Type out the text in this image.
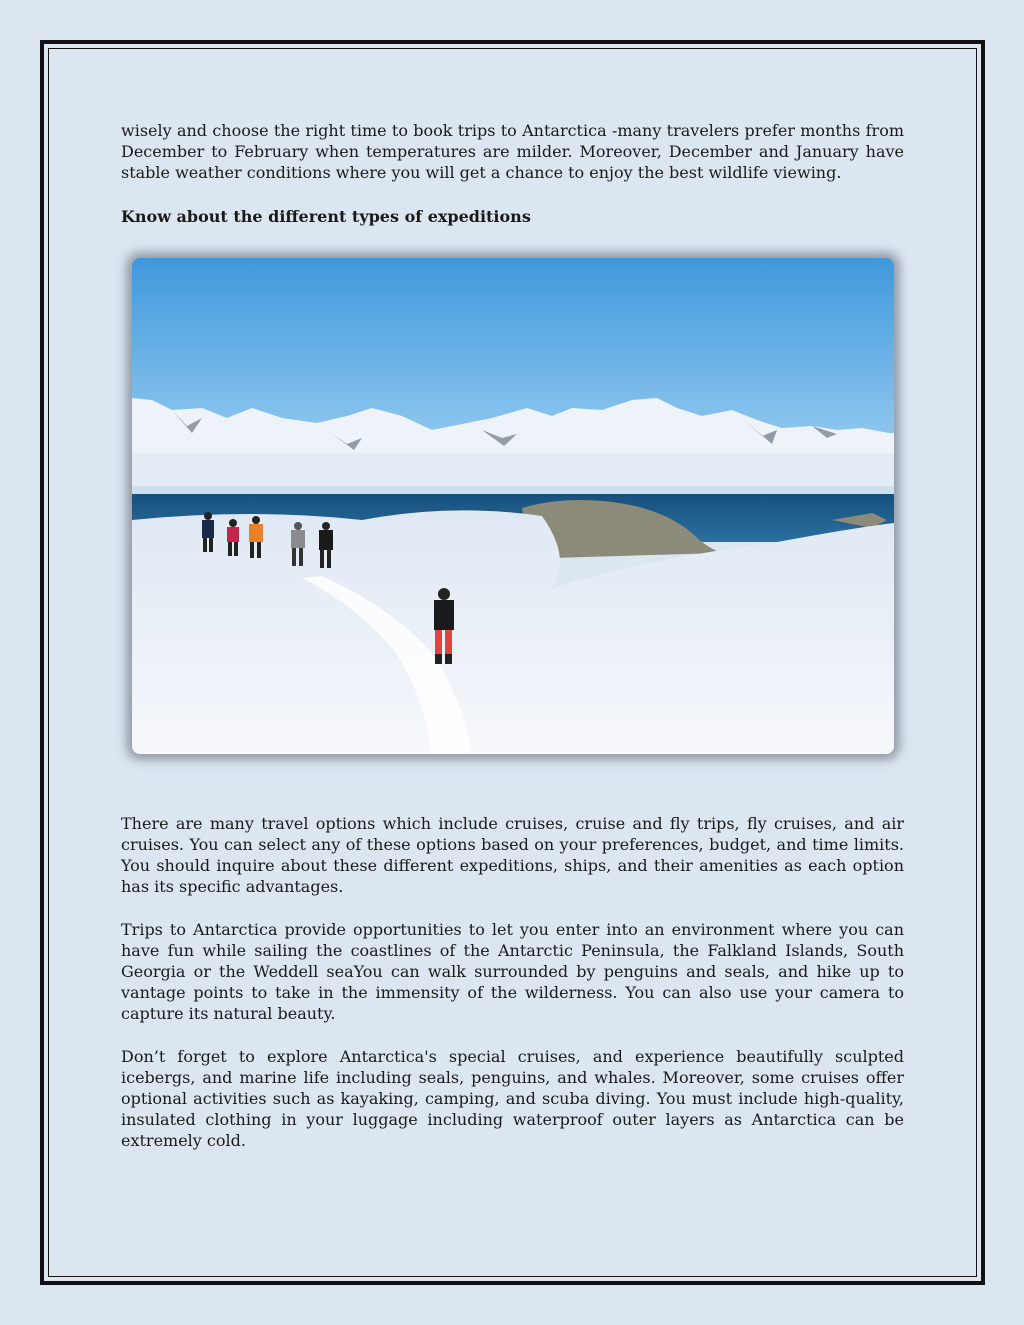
wisely and choose the right time to book trips to Antarctica -many travelers prefer months from December to February when temperatures are milder. Moreover, December and January have stable weather conditions where you will get a chance to enjoy the best wildlife viewing.

Know about the different types of expeditions

There are many travel options which include cruises, cruise and fly trips, fly cruises, and air cruises. You can select any of these options based on your preferences, budget, and time limits. You should inquire about these different expeditions, ships, and their amenities as each option has its specific advantages.

Trips to Antarctica provide opportunities to let you enter into an environment where you can have fun while sailing the coastlines of the Antarctic Peninsula, the Falkland Islands, South Georgia or the Weddell seaYou can walk surrounded by penguins and seals, and hike up to vantage points to take in the immensity of the wilderness. You can also use your camera to capture its natural beauty.

Don’t forget to explore Antarctica's special cruises, and experience beautifully sculpted icebergs, and marine life including seals, penguins, and whales. Moreover, some cruises offer optional activities such as kayaking, camping, and scuba diving. You must include high-quality, insulated clothing in your luggage including waterproof outer layers as Antarctica can be extremely cold.
